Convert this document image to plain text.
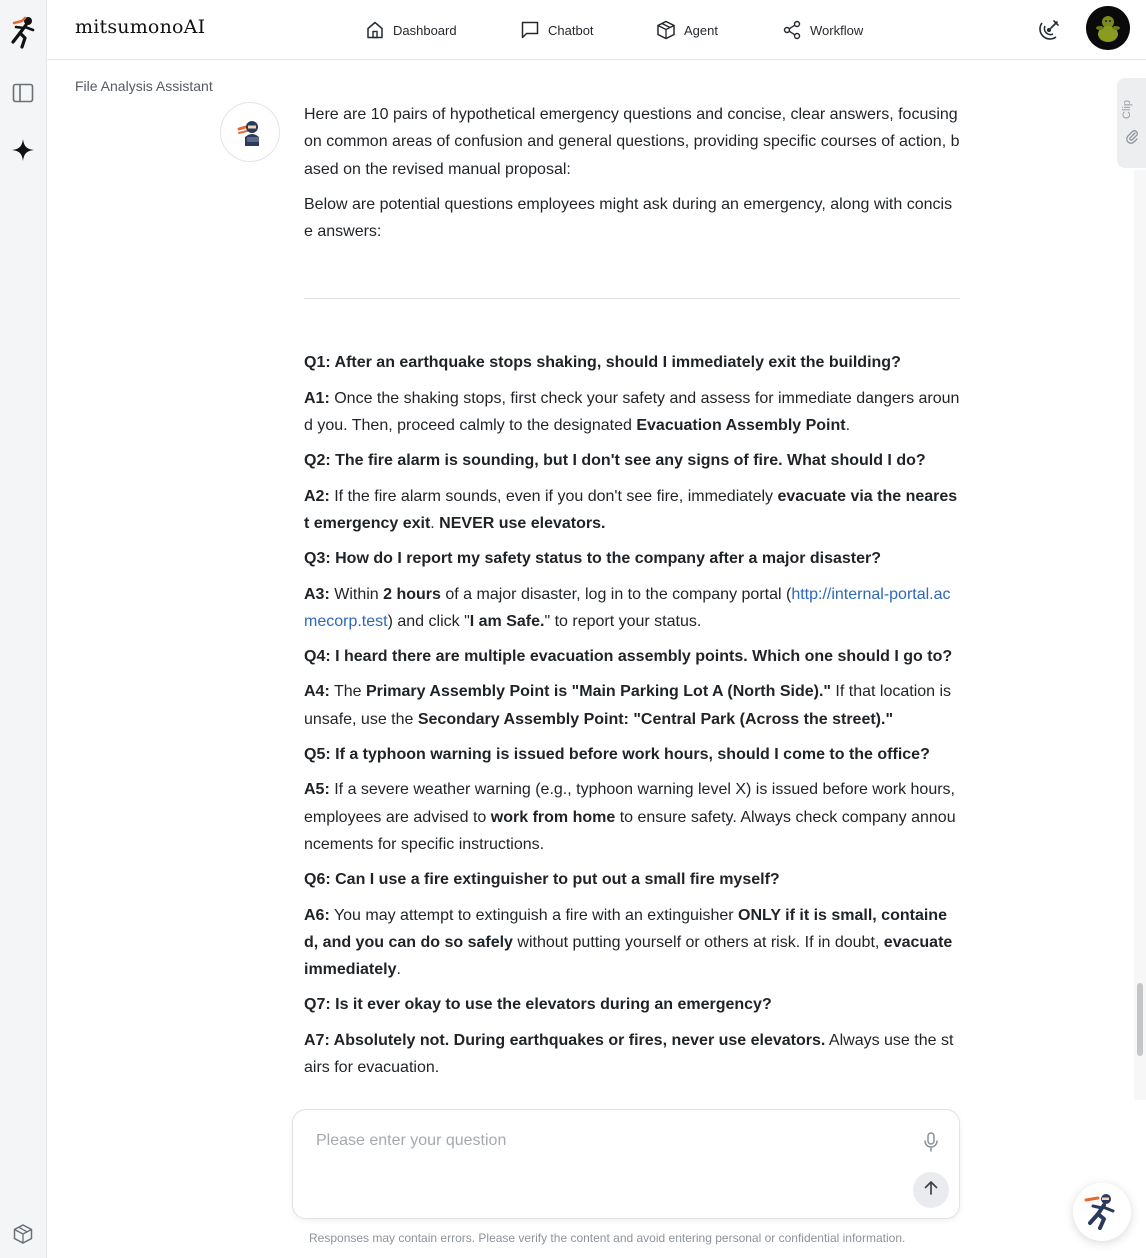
mitsumonoAI	Dashboard	Chatbot	Agent	Workflow
File Analysis Assistant
Clip

Here are 10 pairs of hypothetical emergency questions and concise, clear answers, focusing on common areas of confusion and general questions, providing specific courses of action, based on the revised manual proposal:

Below are potential questions employees might ask during an emergency, along with concise answers:

Q1: After an earthquake stops shaking, should I immediately exit the building?

A1: Once the shaking stops, first check your safety and assess for immediate dangers around you. Then, proceed calmly to the designated Evacuation Assembly Point.

Q2: The fire alarm is sounding, but I don't see any signs of fire. What should I do?

A2: If the fire alarm sounds, even if you don't see fire, immediately evacuate via the nearest emergency exit. NEVER use elevators.

Q3: How do I report my safety status to the company after a major disaster?

A3: Within 2 hours of a major disaster, log in to the company portal (http://internal-portal.acmecorp.test) and click "I am Safe." to report your status.

Q4: I heard there are multiple evacuation assembly points. Which one should I go to?

A4: The Primary Assembly Point is "Main Parking Lot A (North Side)." If that location is unsafe, use the Secondary Assembly Point: "Central Park (Across the street)."

Q5: If a typhoon warning is issued before work hours, should I come to the office?

A5: If a severe weather warning (e.g., typhoon warning level X) is issued before work hours, employees are advised to work from home to ensure safety. Always check company announcements for specific instructions.

Q6: Can I use a fire extinguisher to put out a small fire myself?

A6: You may attempt to extinguish a fire with an extinguisher ONLY if it is small, contained, and you can do so safely without putting yourself or others at risk. If in doubt, evacuate immediately.

Q7: Is it ever okay to use the elevators during an emergency?

A7: Absolutely not. During earthquakes or fires, never use elevators. Always use the stairs for evacuation.

Please enter your question
Responses may contain errors. Please verify the content and avoid entering personal or confidential information.
